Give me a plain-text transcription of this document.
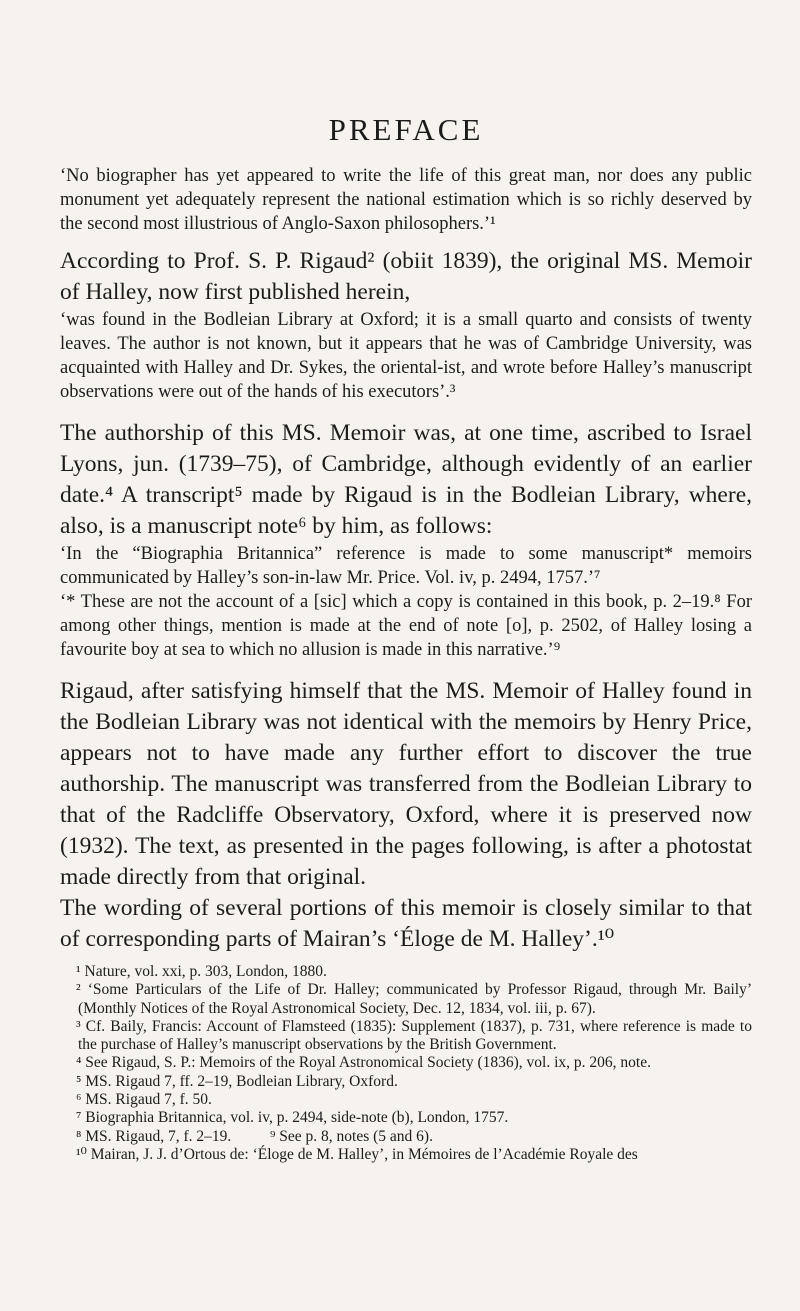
PREFACE

‘No biographer has yet appeared to write the life of this great man, nor does any public monument yet adequately represent the national estimation which is so richly deserved by the second most illustrious of Anglo-Saxon philosophers.’¹

According to Prof. S. P. Rigaud² (obiit 1839), the original MS. Memoir of Halley, now first published herein,

‘was found in the Bodleian Library at Oxford; it is a small quarto and consists of twenty leaves. The author is not known, but it appears that he was of Cambridge University, was acquainted with Halley and Dr. Sykes, the oriental-ist, and wrote before Halley’s manuscript observations were out of the hands of his executors’.³

The authorship of this MS. Memoir was, at one time, ascribed to Israel Lyons, jun. (1739–75), of Cambridge, although evidently of an earlier date.⁴ A transcript⁵ made by Rigaud is in the Bodleian Library, where, also, is a manuscript note⁶ by him, as follows:

‘In the “Biographia Britannica” reference is made to some manuscript* memoirs communicated by Halley’s son-in-law Mr. Price. Vol. iv, p. 2494, 1757.’⁷

‘* These are not the account of a [sic] which a copy is contained in this book, p. 2–19.⁸ For among other things, mention is made at the end of note [o], p. 2502, of Halley losing a favourite boy at sea to which no allusion is made in this narrative.’⁹

Rigaud, after satisfying himself that the MS. Memoir of Halley found in the Bodleian Library was not identical with the memoirs by Henry Price, appears not to have made any further effort to discover the true authorship. The manuscript was transferred from the Bodleian Library to that of the Radcliffe Observatory, Oxford, where it is preserved now (1932). The text, as presented in the pages following, is after a photostat made directly from that original.

The wording of several portions of this memoir is closely similar to that of corresponding parts of Mairan’s ‘Éloge de M. Halley’.¹⁰

¹ Nature, vol. xxi, p. 303, London, 1880.

² ‘Some Particulars of the Life of Dr. Halley; communicated by Professor Rigaud, through Mr. Baily’ (Monthly Notices of the Royal Astronomical Society, Dec. 12, 1834, vol. iii, p. 67).

³ Cf. Baily, Francis: Account of Flamsteed (1835): Supplement (1837), p. 731, where reference is made to the purchase of Halley’s manuscript observations by the British Government.

⁴ See Rigaud, S. P.: Memoirs of the Royal Astronomical Society (1836), vol. ix, p. 206, note.

⁵ MS. Rigaud 7, ff. 2–19, Bodleian Library, Oxford.

⁶ MS. Rigaud 7, f. 50.

⁷ Biographia Britannica, vol. iv, p. 2494, side-note (b), London, 1757.

⁸ MS. Rigaud, 7, f. 2–19.          ⁹ See p. 8, notes (5 and 6).

¹⁰ Mairan, J. J. d’Ortous de: ‘Éloge de M. Halley’, in Mémoires de l’Académie Royale des
